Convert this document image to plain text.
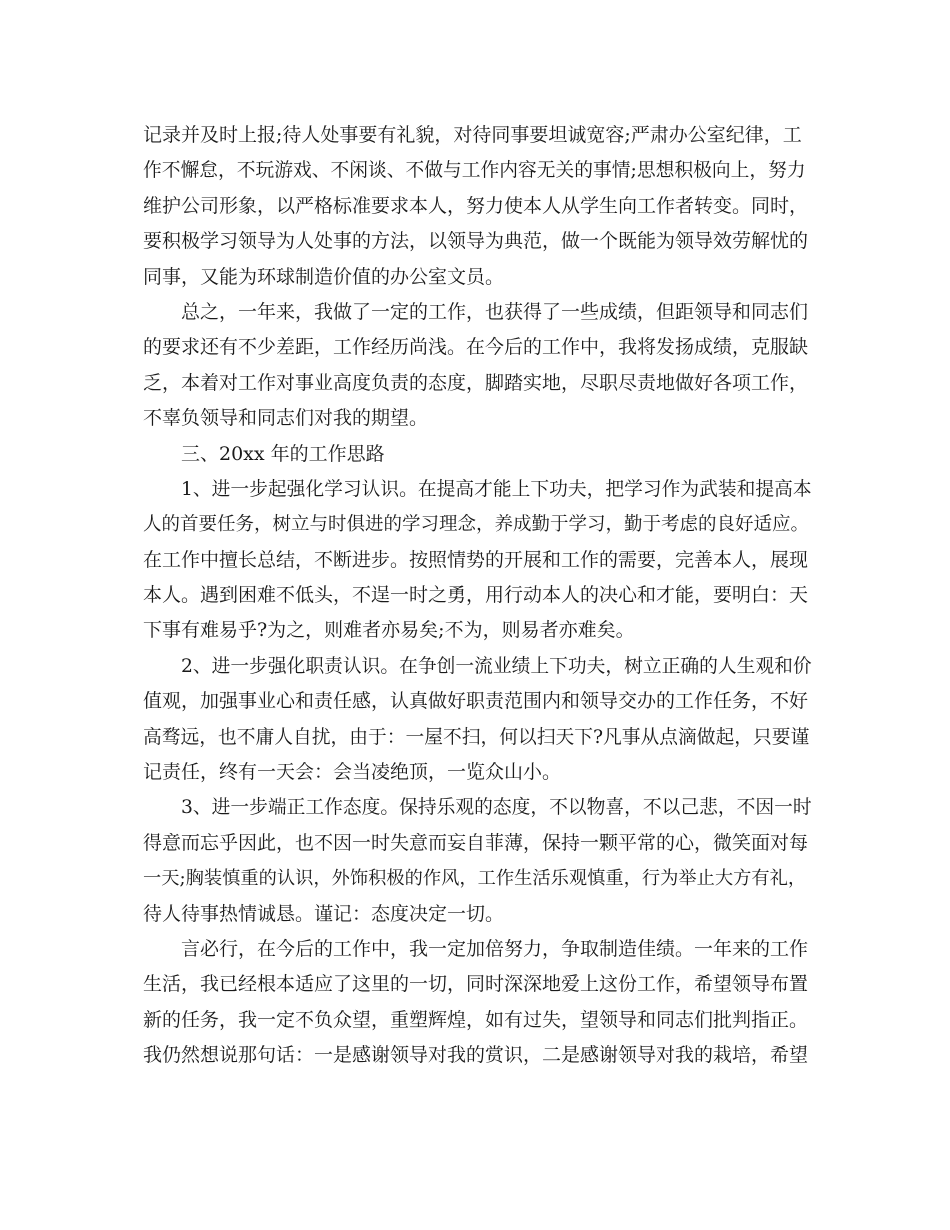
记录并及时上报;待人处事要有礼貌，对待同事要坦诚宽容;严肃办公室纪律，工
作不懈怠，不玩游戏、不闲谈、不做与工作内容无关的事情;思想积极向上，努力
维护公司形象，以严格标准要求本人，努力使本人从学生向工作者转变。同时，
要积极学习领导为人处事的方法，以领导为典范，做一个既能为领导效劳解忧的
同事，又能为环球制造价值的办公室文员。
总之，一年来，我做了一定的工作，也获得了一些成绩，但距领导和同志们
的要求还有不少差距，工作经历尚浅。在今后的工作中，我将发扬成绩，克服缺
乏，本着对工作对事业高度负责的态度，脚踏实地，尽职尽责地做好各项工作，
不辜负领导和同志们对我的期望。
三、20xx 年的工作思路
1、进一步起强化学习认识。在提高才能上下功夫，把学习作为武装和提高本
人的首要任务，树立与时俱进的学习理念，养成勤于学习，勤于考虑的良好适应。
在工作中擅长总结，不断进步。按照情势的开展和工作的需要，完善本人，展现
本人。遇到困难不低头，不逞一时之勇，用行动本人的决心和才能，要明白：天
下事有难易乎?为之，则难者亦易矣;不为，则易者亦难矣。
2、进一步强化职责认识。在争创一流业绩上下功夫，树立正确的人生观和价
值观，加强事业心和责任感，认真做好职责范围内和领导交办的工作任务，不好
高骛远，也不庸人自扰，由于：一屋不扫，何以扫天下?凡事从点滴做起，只要谨
记责任，终有一天会：会当凌绝顶，一览众山小。
3、进一步端正工作态度。保持乐观的态度，不以物喜，不以己悲，不因一时
得意而忘乎因此，也不因一时失意而妄自菲薄，保持一颗平常的心，微笑面对每
一天;胸装慎重的认识，外饰积极的作风，工作生活乐观慎重，行为举止大方有礼，
待人待事热情诚恳。谨记：态度决定一切。
言必行，在今后的工作中，我一定加倍努力，争取制造佳绩。一年来的工作
生活，我已经根本适应了这里的一切，同时深深地爱上这份工作，希望领导布置
新的任务，我一定不负众望，重塑辉煌，如有过失，望领导和同志们批判指正。
我仍然想说那句话：一是感谢领导对我的赏识，二是感谢领导对我的栽培，希望
